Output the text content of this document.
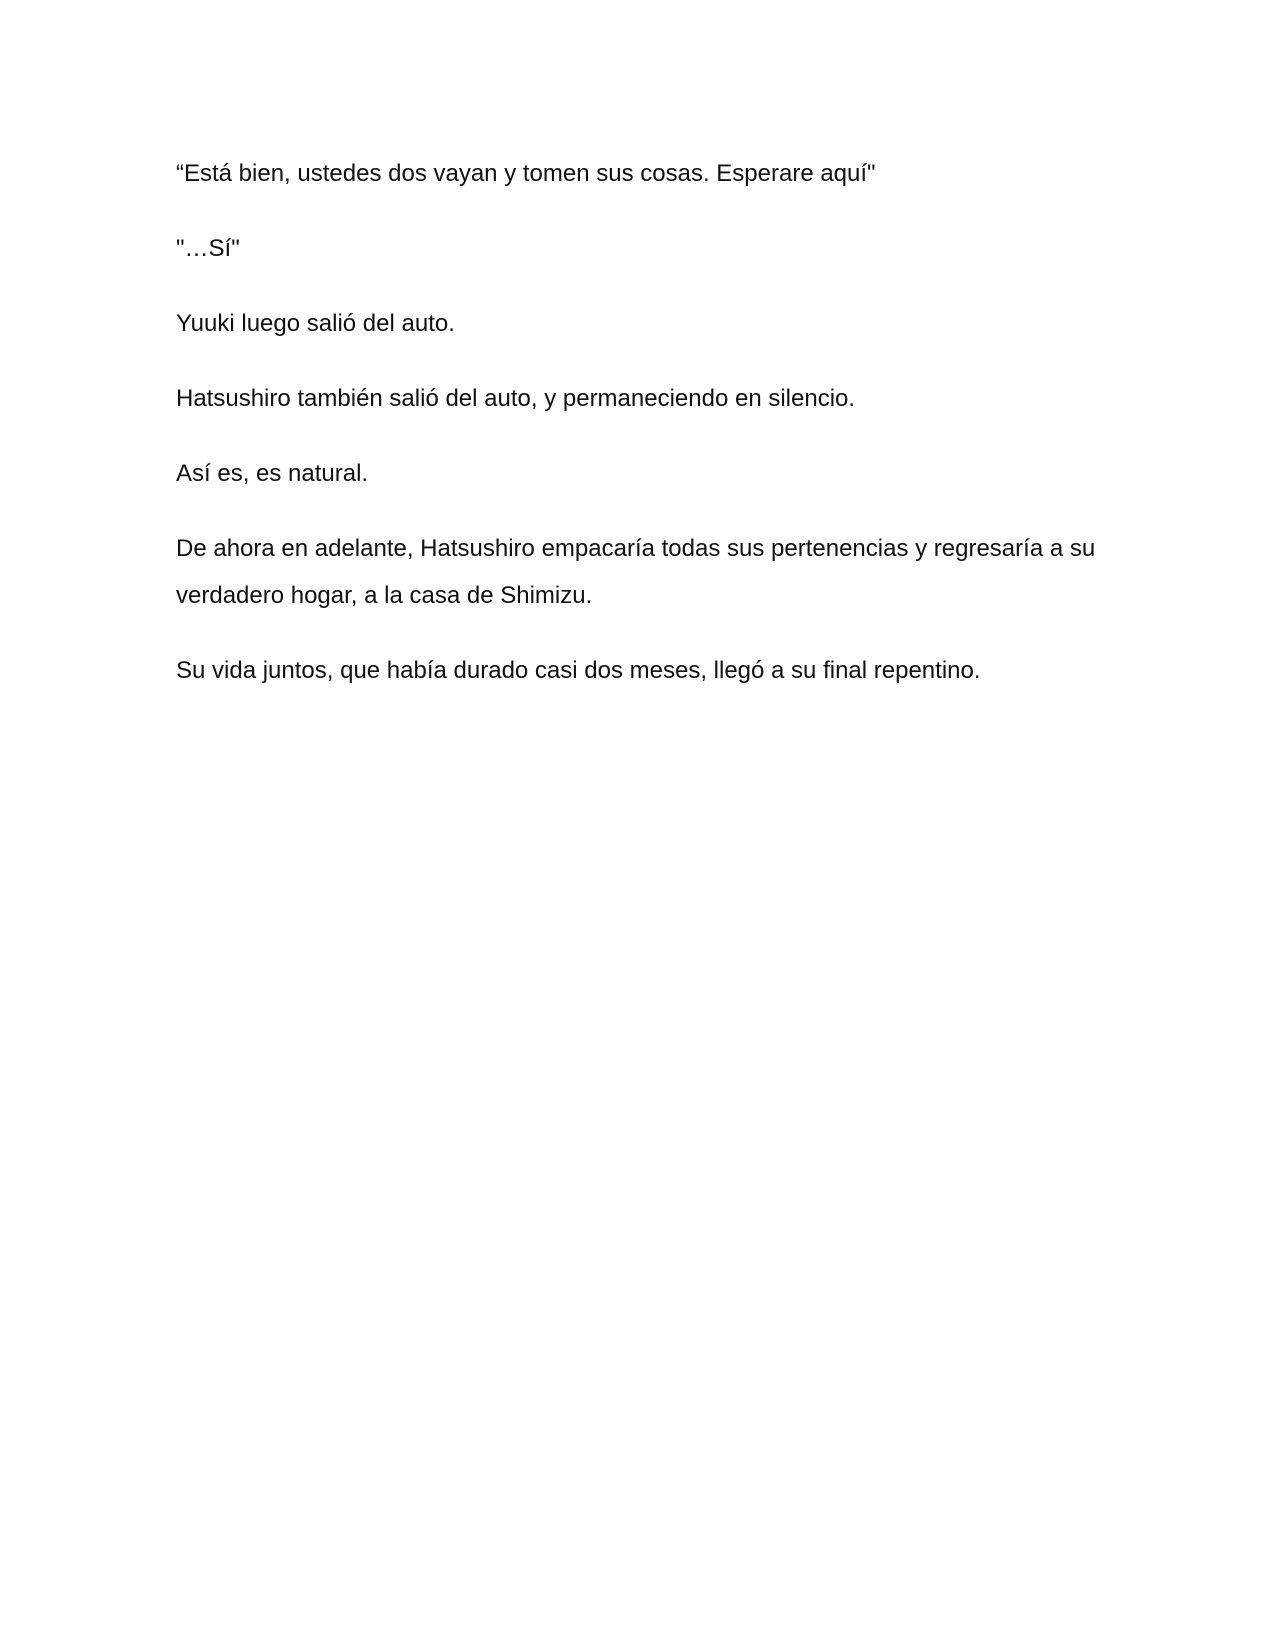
“Está bien, ustedes dos vayan y tomen sus cosas. Esperare aquí"

"…Sí"

Yuuki luego salió del auto.

Hatsushiro también salió del auto, y permaneciendo en silencio.

Así es, es natural.

De ahora en adelante, Hatsushiro empacaría todas sus pertenencias y regresaría a su verdadero hogar, a la casa de Shimizu.

Su vida juntos, que había durado casi dos meses, llegó a su final repentino.
